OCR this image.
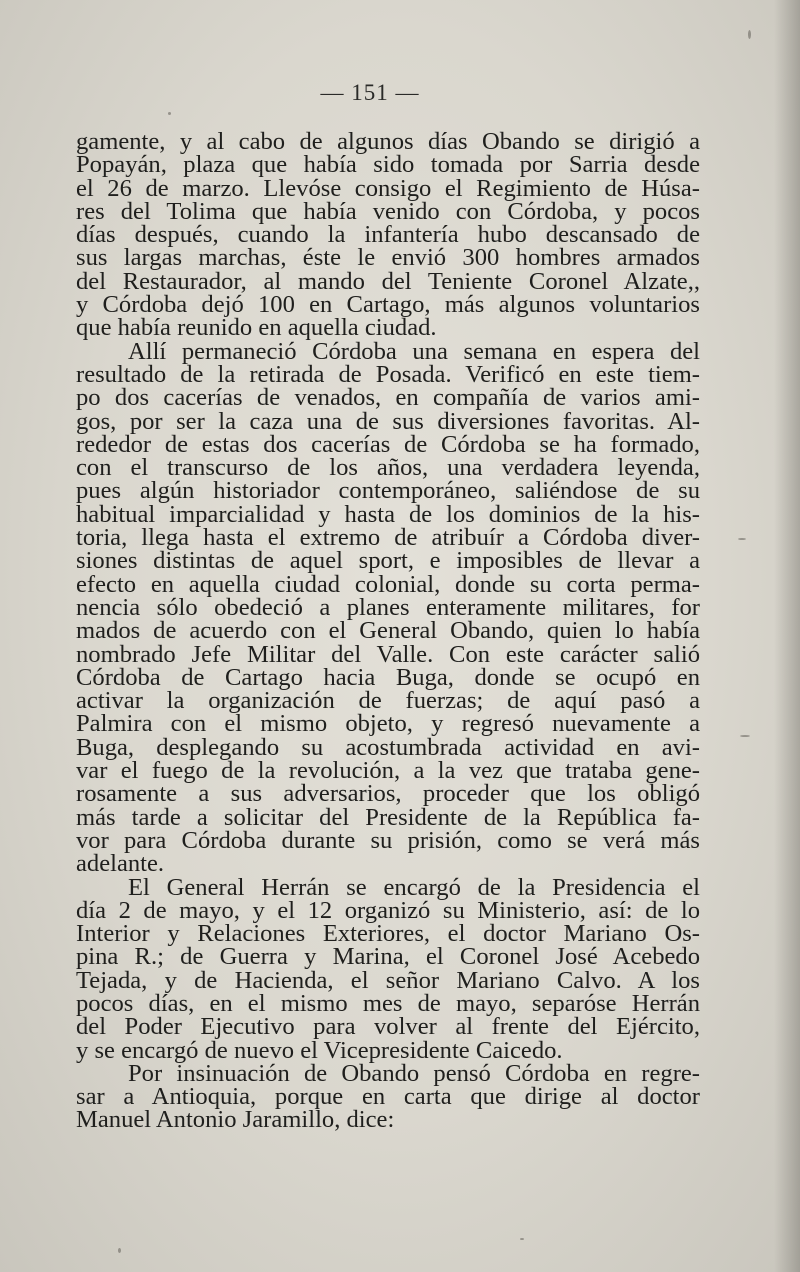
— 151 —
gamente, y al cabo de algunos días Obando se dirigió a
Popayán, plaza que había sido tomada por Sarria desde
el 26 de marzo. Llevóse consigo el Regimiento de Húsa-
res del Tolima que había venido con Córdoba, y pocos
días después, cuando la infantería hubo descansado de
sus largas marchas, éste le envió 300 hombres armados
del Restaurador, al mando del Teniente Coronel Alzate,,
y Córdoba dejó 100 en Cartago, más algunos voluntarios
que había reunido en aquella ciudad.
Allí permaneció Córdoba una semana en espera del
resultado de la retirada de Posada. Verificó en este tiem-
po dos cacerías de venados, en compañía de varios ami-
gos, por ser la caza una de sus diversiones favoritas. Al-
rededor de estas dos cacerías de Córdoba se ha formado,
con el transcurso de los años, una verdadera leyenda,
pues algún historiador contemporáneo, saliéndose de su
habitual imparcialidad y hasta de los dominios de la his-
toria, llega hasta el extremo de atribuír a Córdoba diver-
siones distintas de aquel sport, e imposibles de llevar a
efecto en aquella ciudad colonial, donde su corta perma-
nencia sólo obedeció a planes enteramente militares, for
mados de acuerdo con el General Obando, quien lo había
nombrado Jefe Militar del Valle. Con este carácter salió
Córdoba de Cartago hacia Buga, donde se ocupó en
activar la organización de fuerzas; de aquí pasó a
Palmira con el mismo objeto, y regresó nuevamente a
Buga, desplegando su acostumbrada actividad en avi-
var el fuego de la revolución, a la vez que trataba gene-
rosamente a sus adversarios, proceder que los obligó
más tarde a solicitar del Presidente de la República fa-
vor para Córdoba durante su prisión, como se verá más
adelante.
El General Herrán se encargó de la Presidencia el
día 2 de mayo, y el 12 organizó su Ministerio, así: de lo
Interior y Relaciones Exteriores, el doctor Mariano Os-
pina R.; de Guerra y Marina, el Coronel José Acebedo
Tejada, y de Hacienda, el señor Mariano Calvo. A los
pocos días, en el mismo mes de mayo, separóse Herrán
del Poder Ejecutivo para volver al frente del Ejército,
y se encargó de nuevo el Vicepresidente Caicedo.
Por insinuación de Obando pensó Córdoba en regre-
sar a Antioquia, porque en carta que dirige al doctor
Manuel Antonio Jaramillo, dice:
